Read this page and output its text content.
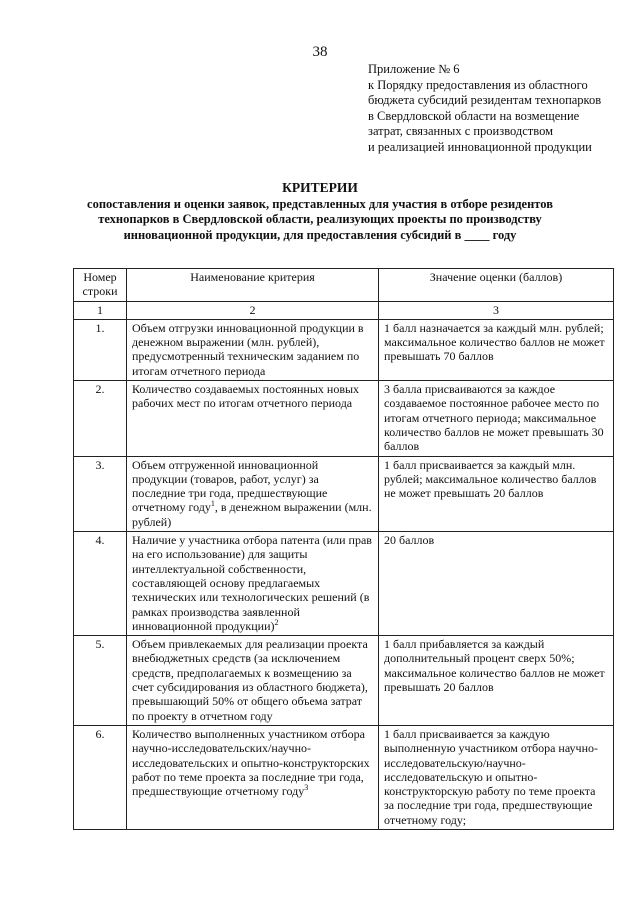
38
Приложение № 6
к Порядку предоставления из областного
бюджета субсидий резидентам технопарков
в Свердловской области на возмещение
затрат, связанных с производством
и реализацией инновационной продукции
КРИТЕРИИ
сопоставления и оценки заявок, представленных для участия в отборе резидентов
технопарков в Свердловской области, реализующих проекты по производству
инновационной продукции, для предоставления субсидий в ____ году
Номер строки	Наименование критерия	Значение оценки (баллов)
1	2	3
1.	Объем отгрузки инновационной продукции в денежном выражении (млн. рублей), предусмотренный техническим заданием по итогам отчетного периода	1 балл назначается за каждый млн. рублей; максимальное количество баллов не может превышать 70 баллов
2.	Количество создаваемых постоянных новых рабочих мест по итогам отчетного периода	3 балла присваиваются за каждое создаваемое постоянное рабочее место по итогам отчетного периода; максимальное количество баллов не может превышать 30 баллов
3.	Объем отгруженной инновационной продукции (товаров, работ, услуг) за последние три года, предшествующие отчетному году$^1$, в денежном выражении (млн. рублей)	1 балл присваивается за каждый млн. рублей; максимальное количество баллов не может превышать 20 баллов
4.	Наличие у участника отбора патента (или прав на его использование) для защиты интеллектуальной собственности, составляющей основу предлагаемых технических или технологических решений (в рамках производства заявленной инновационной продукции)$^2$	20 баллов
5.	Объем привлекаемых для реализации проекта внебюджетных средств (за исключением средств, предполагаемых к возмещению за счет субсидирования из областного бюджета), превышающий 50% от общего объема затрат по проекту в отчетном году	1 балл прибавляется за каждый дополнительный процент сверх 50%; максимальное количество баллов не может превышать 20 баллов
6.	Количество выполненных участником отбора научно-исследовательских/научно-исследовательских и опытно-конструкторских работ по теме проекта за последние три года, предшествующие отчетному году$^3$	1 балл присваивается за каждую выполненную участником отбора научно-исследовательскую/научно-исследовательскую и опытно-конструкторскую работу по теме проекта за последние три года, предшествующие отчетному году;
